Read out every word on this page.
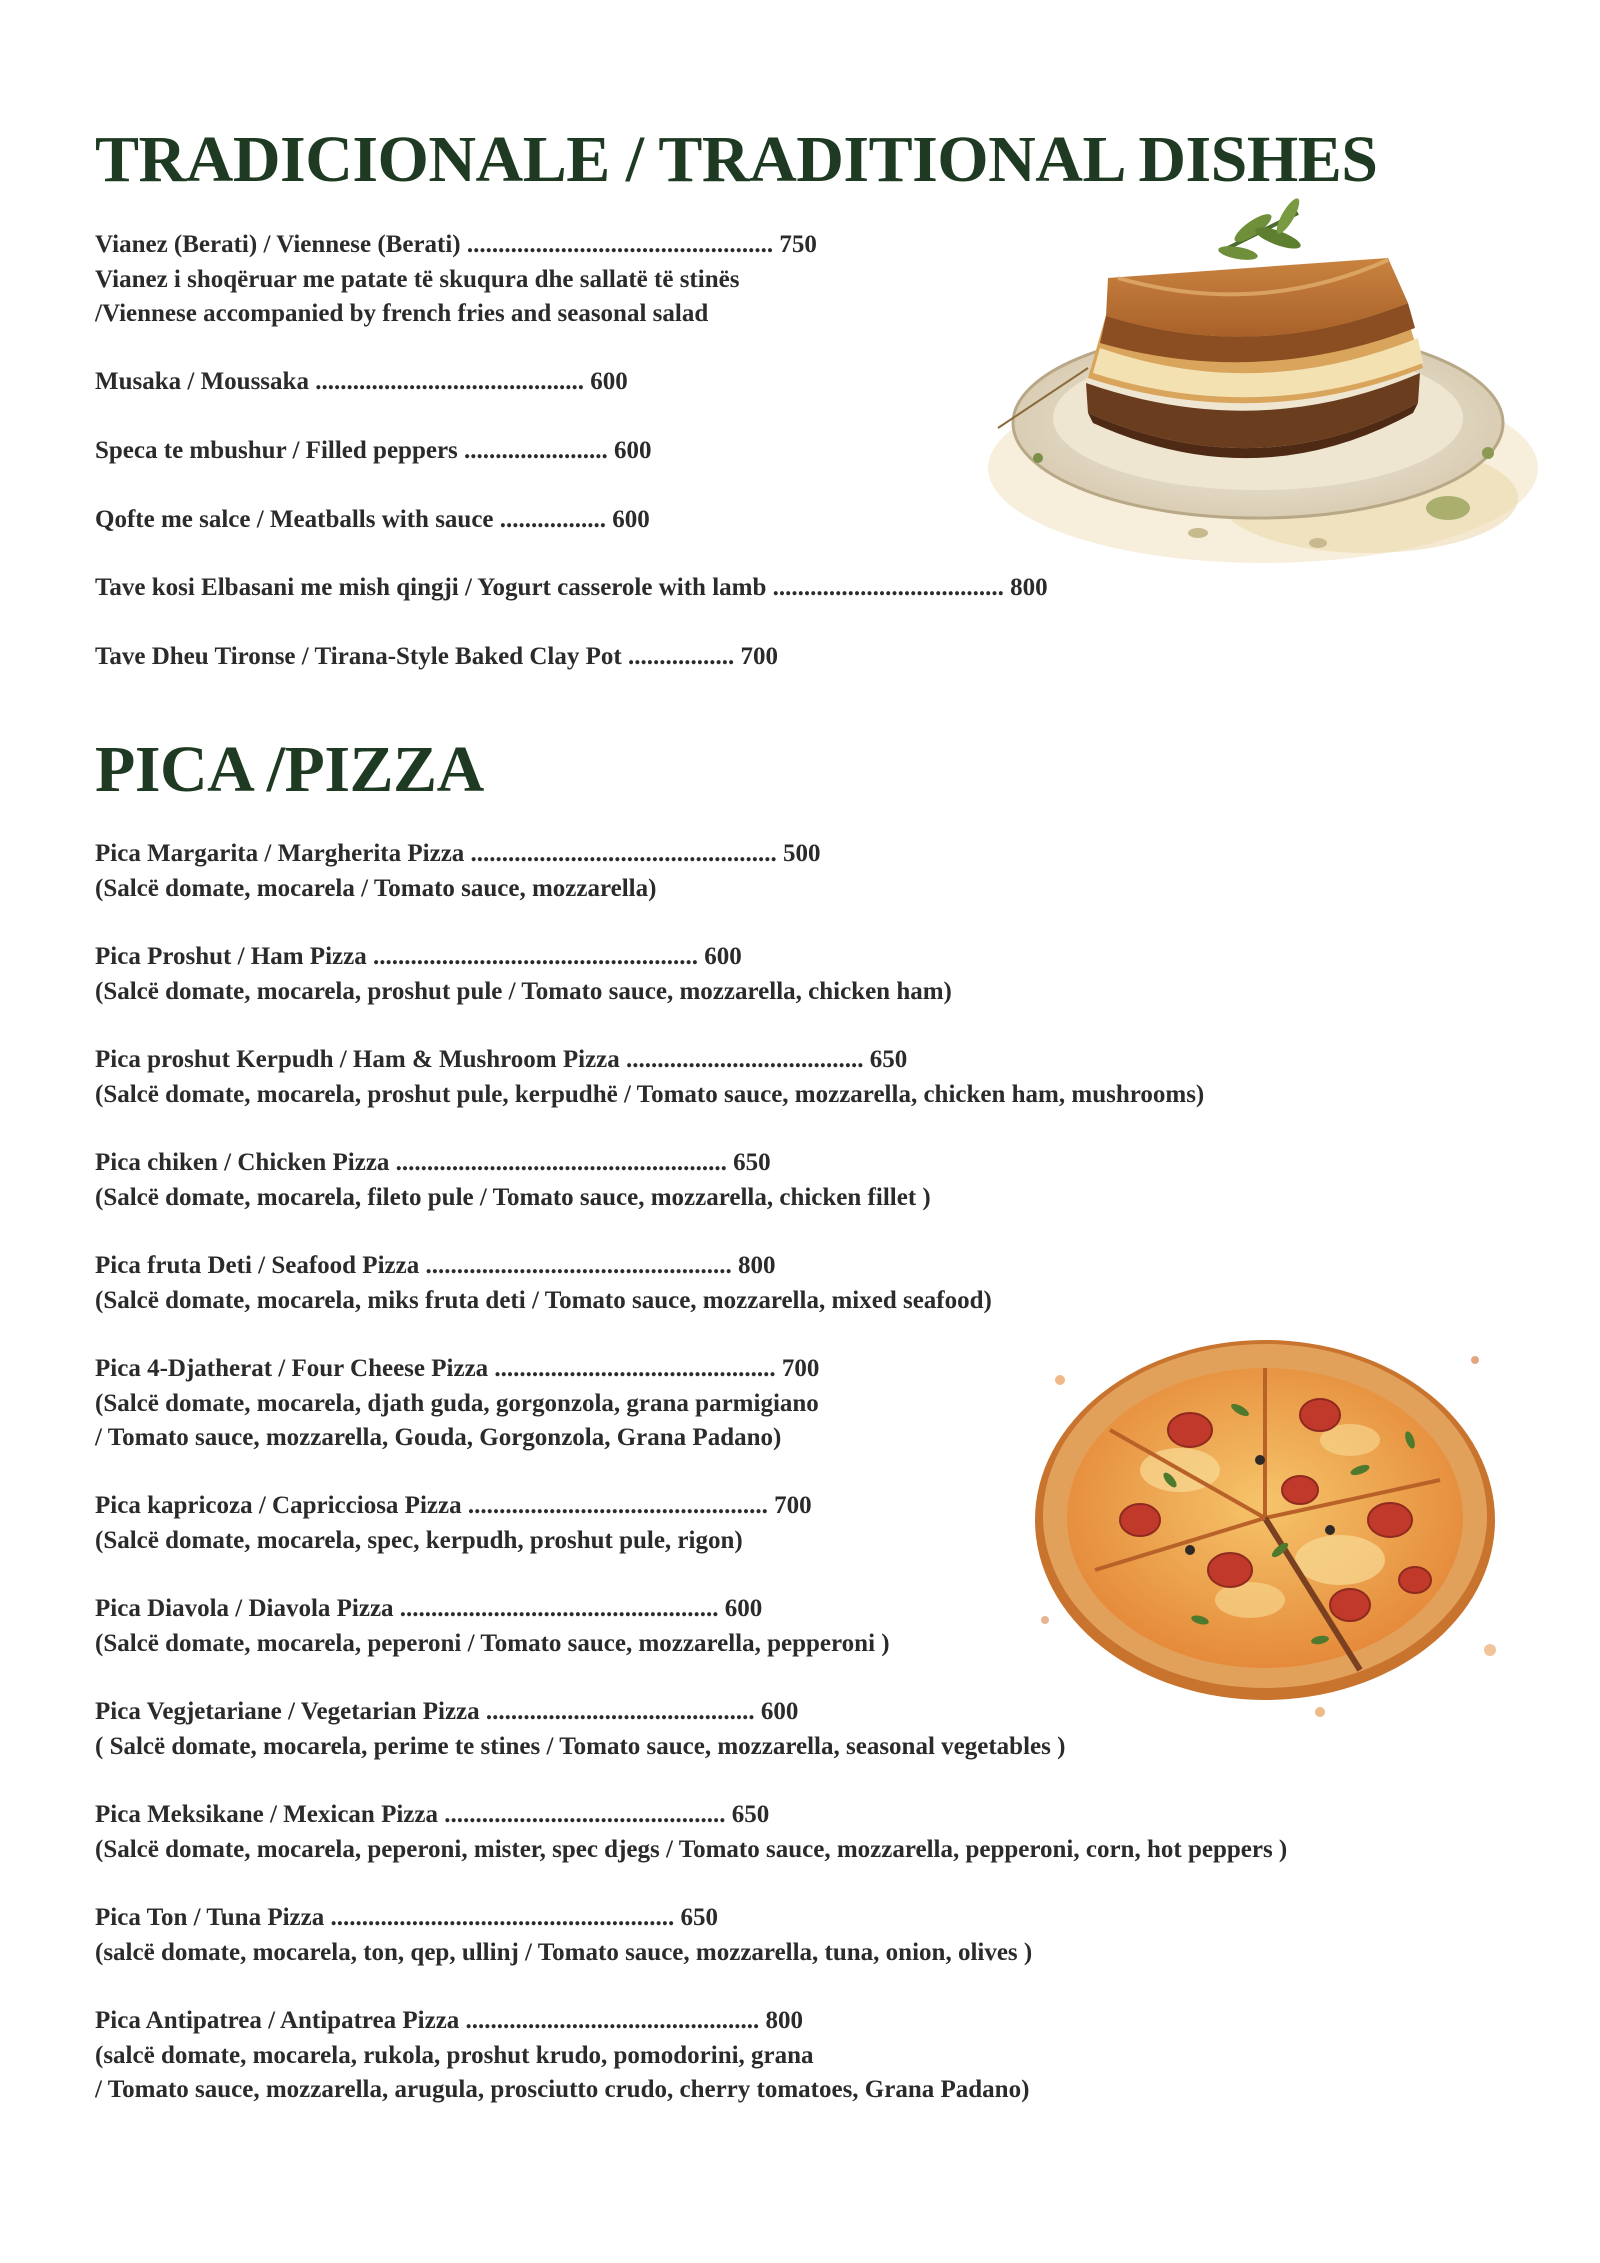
TRADICIONALE / TRADITIONAL DISHES
Vianez (Berati) / Viennese (Berati) ................................................. 750
Vianez i shoqëruar me patate të skuqura dhe sallatë të stinës
/Viennese accompanied by french fries and seasonal salad
Musaka / Moussaka ........................................... 600
Speca te mbushur / Filled peppers ....................... 600
Qofte me salce / Meatballs with sauce ................. 600
Tave kosi Elbasani me mish qingji / Yogurt casserole with lamb ..................................... 800
Tave Dheu Tironse / Tirana-Style Baked Clay Pot ................. 700
PICA /PIZZA
Pica Margarita / Margherita Pizza ................................................. 500
(Salcë domate, mocarela / Tomato sauce, mozzarella)
Pica Proshut / Ham Pizza .................................................... 600
(Salcë domate, mocarela, proshut pule / Tomato sauce, mozzarella, chicken ham)
Pica proshut Kerpudh / Ham & Mushroom Pizza ...................................... 650
(Salcë domate, mocarela, proshut pule, kerpudhë / Tomato sauce, mozzarella, chicken ham, mushrooms)
Pica chiken / Chicken Pizza ..................................................... 650
(Salcë domate, mocarela, fileto pule / Tomato sauce, mozzarella, chicken fillet )
Pica fruta Deti / Seafood Pizza ................................................. 800
(Salcë domate, mocarela, miks fruta deti / Tomato sauce, mozzarella, mixed seafood)
Pica 4-Djatherat / Four Cheese Pizza ............................................. 700
(Salcë domate, mocarela, djath guda, gorgonzola, grana parmigiano
/ Tomato sauce, mozzarella, Gouda, Gorgonzola, Grana Padano)
Pica kapricoza / Capricciosa Pizza ................................................ 700
(Salcë domate, mocarela, spec, kerpudh, proshut pule, rigon)
Pica Diavola / Diavola Pizza ................................................... 600
(Salcë domate, mocarela, peperoni / Tomato sauce, mozzarella, pepperoni )
Pica Vegjetariane / Vegetarian Pizza ........................................... 600
( Salcë domate, mocarela, perime te stines / Tomato sauce, mozzarella, seasonal vegetables )
Pica Meksikane / Mexican Pizza ............................................. 650
(Salcë domate, mocarela, peperoni, mister, spec djegs / Tomato sauce, mozzarella, pepperoni, corn, hot peppers )
Pica Ton / Tuna Pizza ....................................................... 650
(salcë domate, mocarela, ton, qep, ullinj / Tomato sauce, mozzarella, tuna, onion, olives )
Pica Antipatrea / Antipatrea Pizza ............................................... 800
(salcë domate, mocarela, rukola, proshut krudo, pomodorini, grana
/ Tomato sauce, mozzarella, arugula, prosciutto crudo, cherry tomatoes, Grana Padano)
